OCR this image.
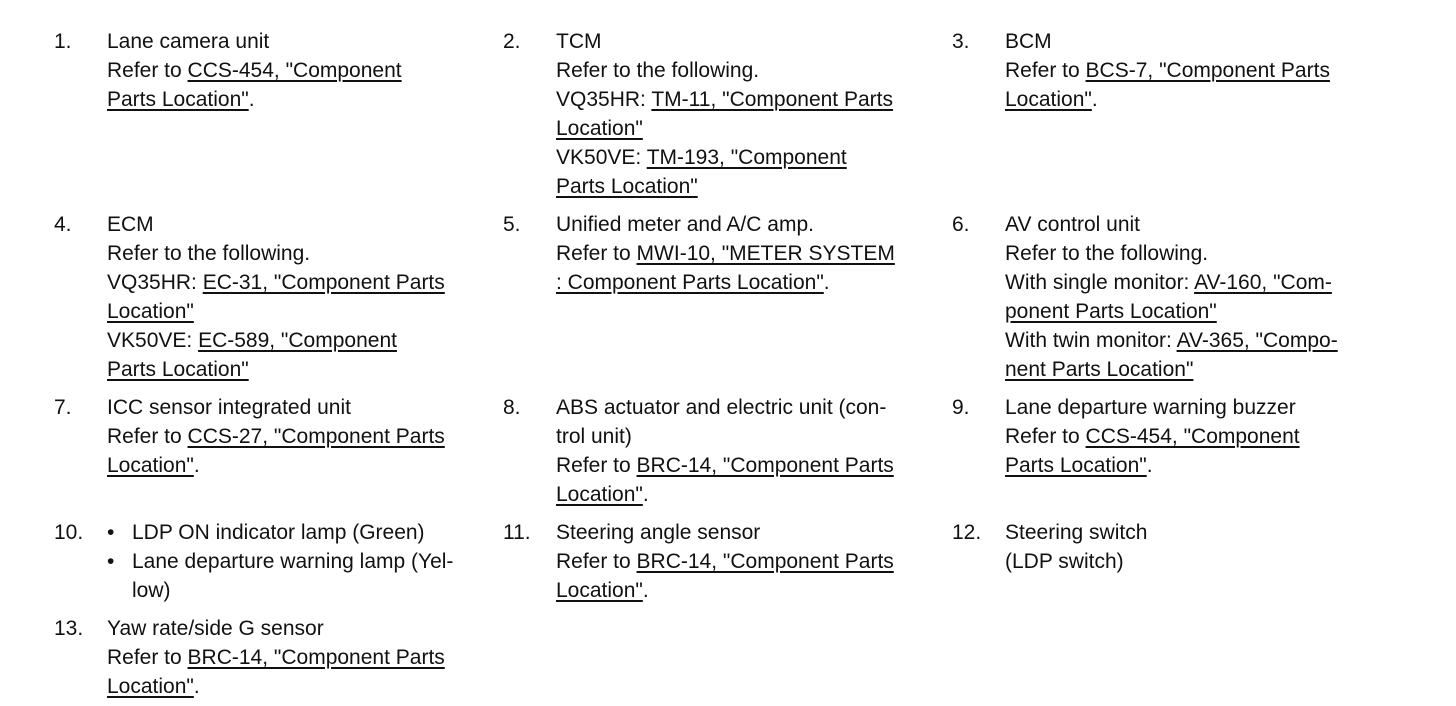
1. Lane camera unit
Refer to CCS-454, "Component
Parts Location".
2. TCM
Refer to the following.
VQ35HR: TM-11, "Component Parts
Location"
VK50VE: TM-193, "Component
Parts Location"
3. BCM
Refer to BCS-7, "Component Parts
Location".
4. ECM
Refer to the following.
VQ35HR: EC-31, "Component Parts
Location"
VK50VE: EC-589, "Component
Parts Location"
5. Unified meter and A/C amp.
Refer to MWI-10, "METER SYSTEM
: Component Parts Location".
6. AV control unit
Refer to the following.
With single monitor: AV-160, "Com-
ponent Parts Location"
With twin monitor: AV-365, "Compo-
nent Parts Location"
7. ICC sensor integrated unit
Refer to CCS-27, "Component Parts
Location".
8. ABS actuator and electric unit (con-
trol unit)
Refer to BRC-14, "Component Parts
Location".
9. Lane departure warning buzzer
Refer to CCS-454, "Component
Parts Location".
10. • LDP ON indicator lamp (Green)
• Lane departure warning lamp (Yel-
low)
11. Steering angle sensor
Refer to BRC-14, "Component Parts
Location".
12. Steering switch
(LDP switch)
13. Yaw rate/side G sensor
Refer to BRC-14, "Component Parts
Location".
